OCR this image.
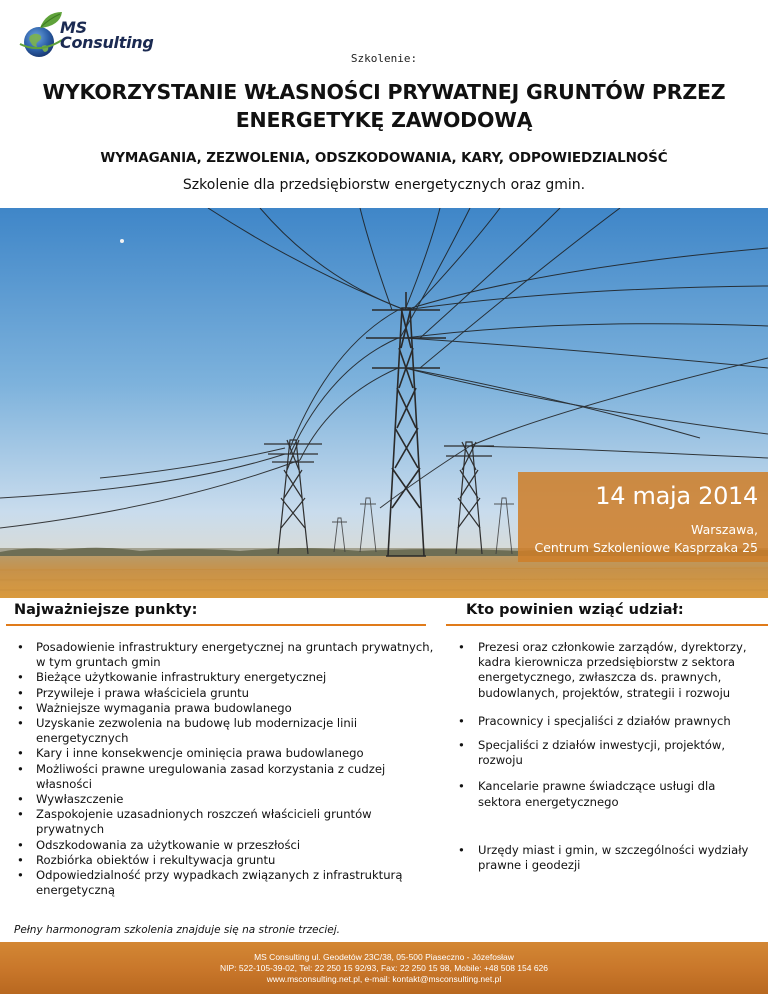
MS
Consulting
Szkolenie:
WYKORZYSTANIE WŁASNOŚCI PRYWATNEJ GRUNTÓW PRZEZ
ENERGETYKĘ ZAWODOWĄ
WYMAGANIA, ZEZWOLENIA, ODSZKODOWANIA, KARY, ODPOWIEDZIALNOŚĆ
Szkolenie dla przedsiębiorstw energetycznych oraz gmin.
14 maja 2014
Warszawa,
Centrum Szkoleniowe Kasprzaka 25
Najważniejsze punkty:	Kto powinien wziąć udział:
• Posadowienie infrastruktury energetycznej na gruntach prywatnych, w tym gruntach gmin
• Bieżące użytkowanie infrastruktury energetycznej
• Przywileje i prawa właściciela gruntu
• Ważniejsze wymagania prawa budowlanego
• Uzyskanie zezwolenia na budowę lub modernizacje linii energetycznych
• Kary i inne konsekwencje ominięcia prawa budowlanego
• Możliwości prawne uregulowania zasad korzystania z cudzej własności
• Wywłaszczenie
• Zaspokojenie uzasadnionych roszczeń właścicieli gruntów prywatnych
• Odszkodowania za użytkowanie w przeszłości
• Rozbiórka obiektów i rekultywacja gruntu
• Odpowiedzialność przy wypadkach związanych z infrastrukturą energetyczną
• Prezesi oraz członkowie zarządów, dyrektorzy, kadra kierownicza przedsiębiorstw z sektora energetycznego, zwłaszcza ds. prawnych, budowlanych, projektów, strategii i rozwoju
• Pracownicy i specjaliści z działów prawnych
• Specjaliści z działów inwestycji, projektów, rozwoju
• Kancelarie prawne świadczące usługi dla sektora energetycznego
• Urzędy miast i gmin, w szczególności wydziały prawne i geodezji
Pełny harmonogram szkolenia znajduje się na stronie trzeciej.
MS Consulting ul. Geodetów 23C/38, 05-500 Piaseczno - Józefosław
NIP: 522-105-39-02, Tel: 22 250 15 92/93, Fax: 22 250 15 98, Mobile: +48 508 154 626
www.msconsulting.net.pl, e-mail: kontakt@msconsulting.net.pl
